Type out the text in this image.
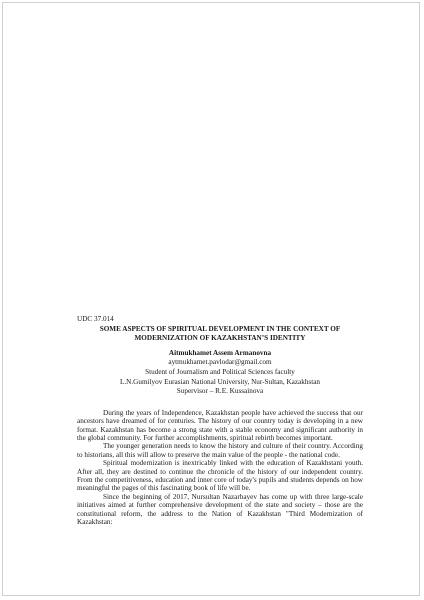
UDC 37.014

SOME ASPECTS OF SPIRITUAL DEVELOPMENT IN THE CONTEXT OF
MODERNIZATION OF KAZAKHSTAN’S IDENTITY

Aitmukhamet Assem Armanovna

aytmukhamet.pavlodar@gmail.com

Student of Journalism and Political Sciences faculty

L.N.Gumilyov Eurasian National University, Nur-Sultan, Kazakhstan

Supervisor – R.E. Kussainova

During the years of Independence, Kazakhstan people have achieved the success that our ancestors have dreamed of for centuries. The history of our country today is developing in a new format. Kazakhstan has become a strong state with a stable economy and significant authority in the global community. For further accomplishments, spiritual rebirth becomes important.

The younger generation needs to know the history and culture of their country. According to historians, all this will allow to preserve the main value of the people - the national code.

Spiritual modernization is inextricably linked with the education of Kazakhstani youth. After all, they are destined to continue the chronicle of the history of our independent country. From the competitiveness, education and inner core of today's pupils and students depends on how meaningful the pages of this fascinating book of life will be.

Since the beginning of 2017, Nursultan Nazarbayev has come up with three large-scale initiatives aimed at further comprehensive development of the state and society – those are the constitutional reform, the address to the Nation of Kazakhstan "Third Modernization of Kazakhstan:
